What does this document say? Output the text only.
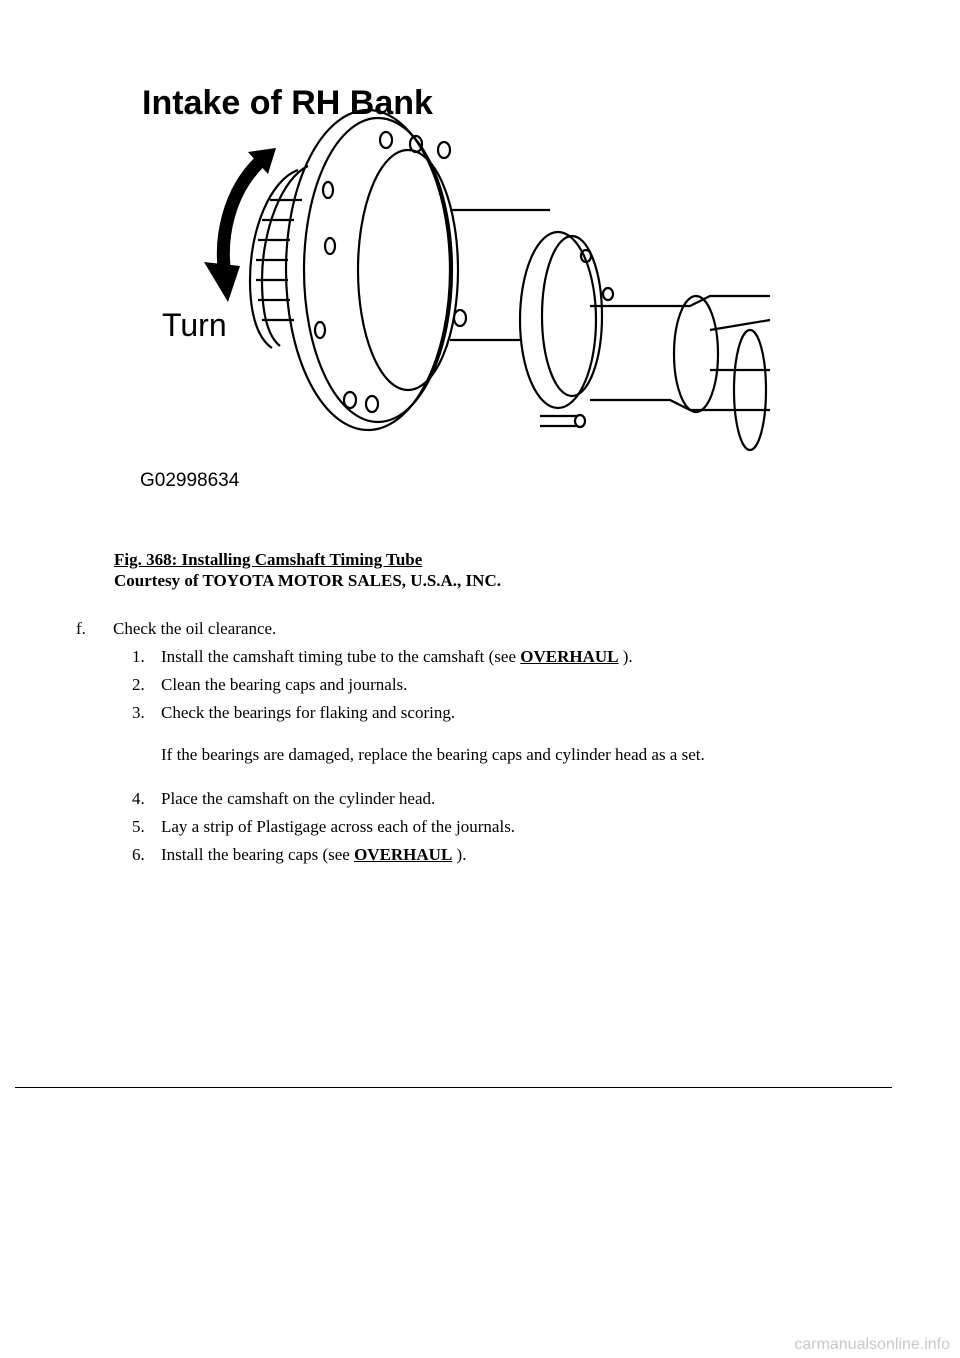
Intake of RH Bank
Turn
G02998634
Fig. 368: Installing Camshaft Timing Tube
Courtesy of TOYOTA MOTOR SALES, U.S.A., INC.
f. Check the oil clearance.
1. Install the camshaft timing tube to the camshaft (see OVERHAUL ).
2. Clean the bearing caps and journals.
3. Check the bearings for flaking and scoring.
If the bearings are damaged, replace the bearing caps and cylinder head as a set.
4. Place the camshaft on the cylinder head.
5. Lay a strip of Plastigage across each of the journals.
6. Install the bearing caps (see OVERHAUL ).
carmanualsonline.info
